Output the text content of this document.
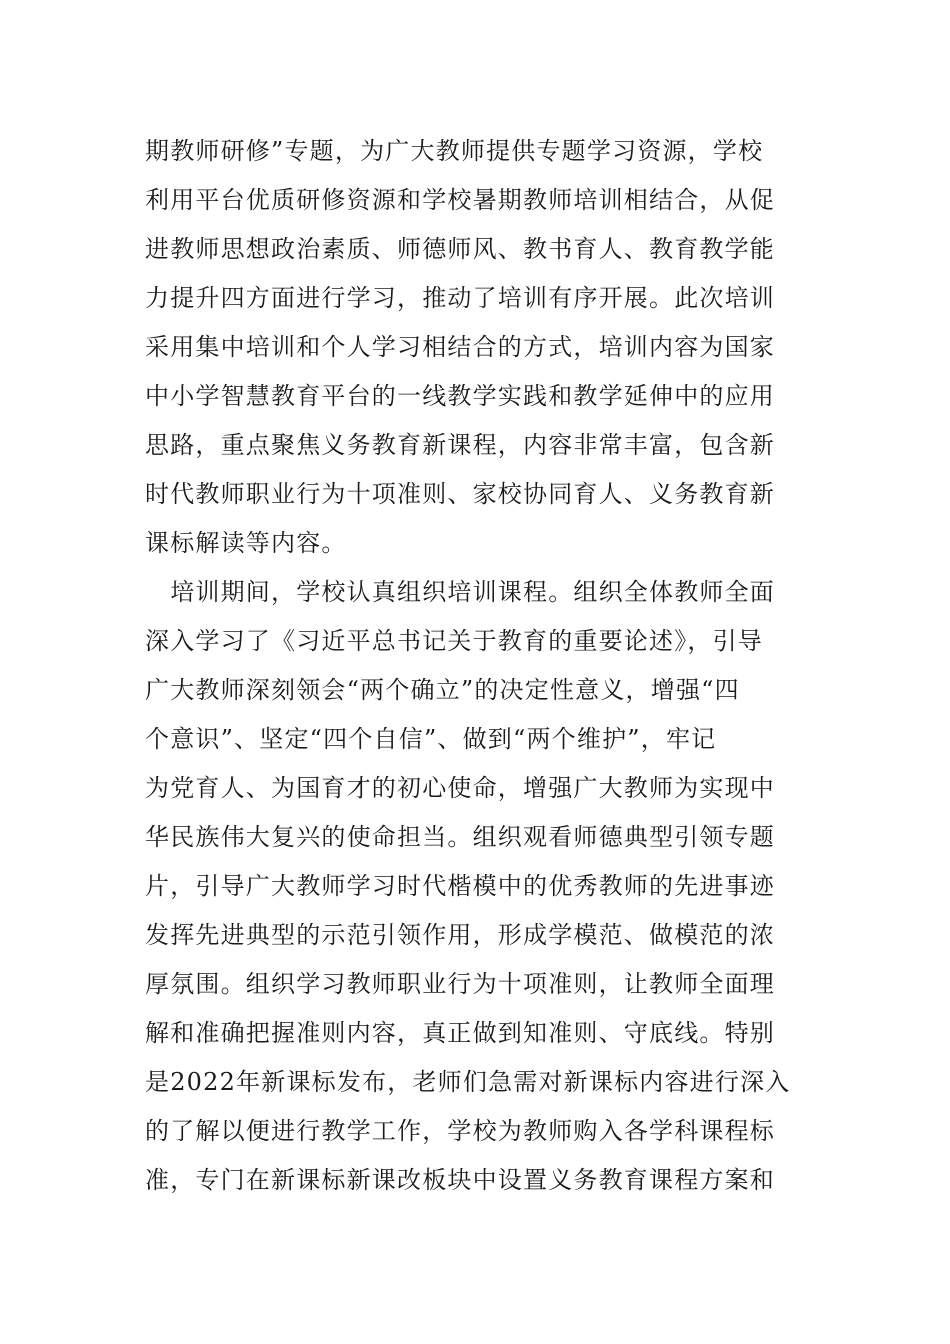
期教师研修”专题，为广大教师提供专题学习资源，学校
利用平台优质研修资源和学校暑期教师培训相结合，从促
进教师思想政治素质、师德师风、教书育人、教育教学能
力提升四方面进行学习，推动了培训有序开展。此次培训
采用集中培训和个人学习相结合的方式，培训内容为国家
中小学智慧教育平台的一线教学实践和教学延伸中的应用
思路，重点聚焦义务教育新课程，内容非常丰富，包含新
时代教师职业行为十项准则、家校协同育人、义务教育新
课标解读等内容。
　培训期间，学校认真组织培训课程。组织全体教师全面
深入学习了《习近平总书记关于教育的重要论述》，引导
广大教师深刻领会“两个确立”的决定性意义，增强“四
个意识”、坚定“四个自信”、做到“两个维护”，牢记
为党育人、为国育才的初心使命，增强广大教师为实现中
华民族伟大复兴的使命担当。组织观看师德典型引领专题
片，引导广大教师学习时代楷模中的优秀教师的先进事迹
发挥先进典型的示范引领作用，形成学模范、做模范的浓
厚氛围。组织学习教师职业行为十项准则，让教师全面理
解和准确把握准则内容，真正做到知准则、守底线。特别
是2022年新课标发布，老师们急需对新课标内容进行深入
的了解以便进行教学工作，学校为教师购入各学科课程标
准，专门在新课标新课改板块中设置义务教育课程方案和
